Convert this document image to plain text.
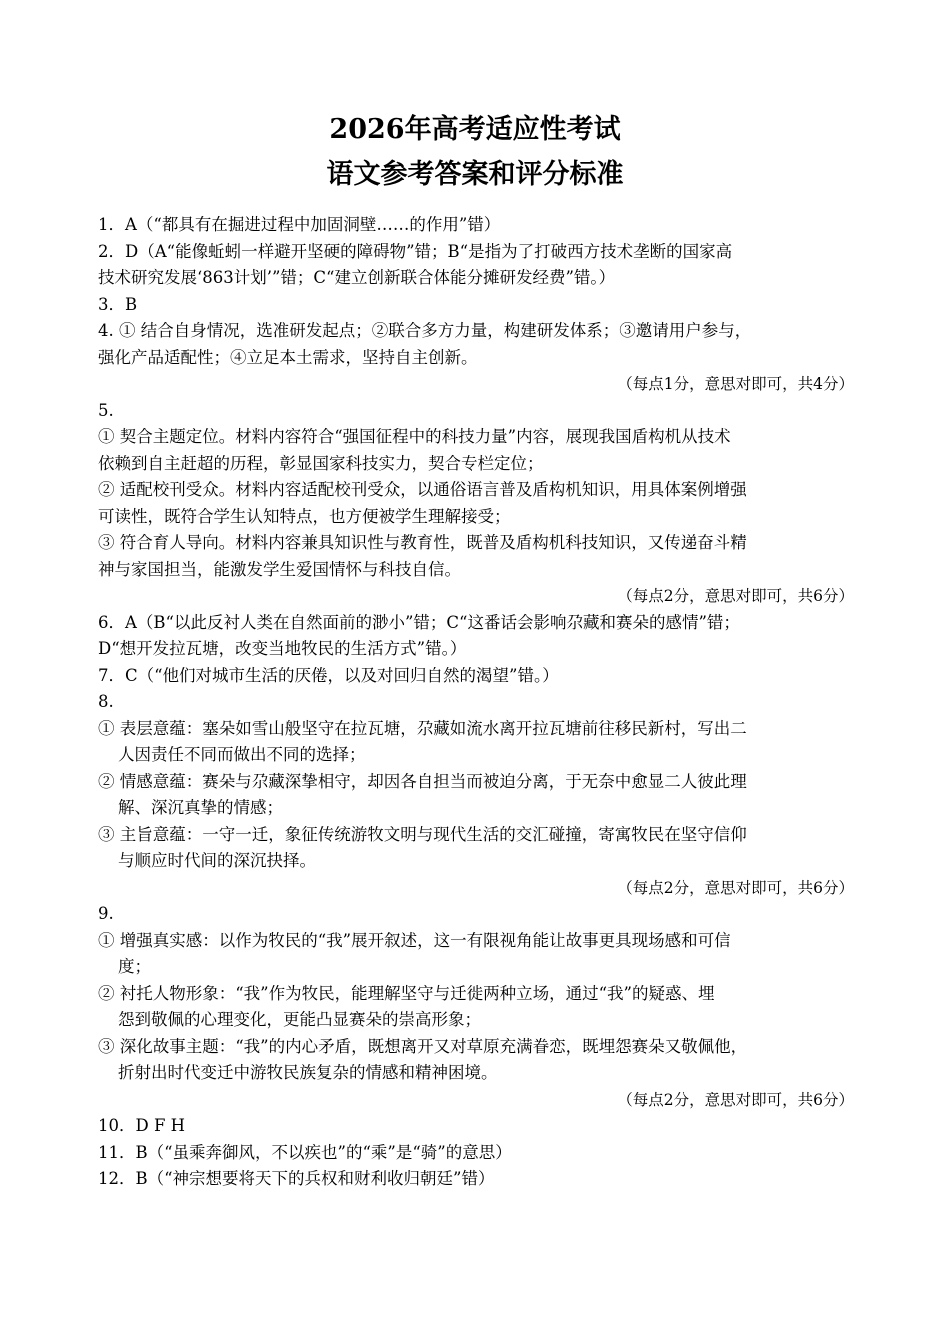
2026年高考适应性考试
语文参考答案和评分标准
1．A（“都具有在掘进过程中加固洞壁……的作用”错）
2．D（A“能像蚯蚓一样避开坚硬的障碍物”错；B“是指为了打破西方技术垄断的国家高
技术研究发展‘863计划’”错；C“建立创新联合体能分摊研发经费”错。）
3．B
4. ① 结合自身情况，选准研发起点；②联合多方力量，构建研发体系；③邀请用户参与，
强化产品适配性；④立足本土需求，坚持自主创新。
（每点1分，意思对即可，共4分）
5.
① 契合主题定位。材料内容符合“强国征程中的科技力量”内容，展现我国盾构机从技术
依赖到自主赶超的历程，彰显国家科技实力，契合专栏定位；
② 适配校刊受众。材料内容适配校刊受众，以通俗语言普及盾构机知识，用具体案例增强
可读性，既符合学生认知特点，也方便被学生理解接受；
③ 符合育人导向。材料内容兼具知识性与教育性，既普及盾构机科技知识，又传递奋斗精
神与家国担当，能激发学生爱国情怀与科技自信。
（每点2分，意思对即可，共6分）
6．A（B“以此反衬人类在自然面前的渺小”错；C“这番话会影响尕藏和赛朵的感情”错；
D“想开发拉瓦塘，改变当地牧民的生活方式”错。）
7．C（“他们对城市生活的厌倦，以及对回归自然的渴望”错。）
8.
① 表层意蕴：塞朵如雪山般坚守在拉瓦塘，尕藏如流水离开拉瓦塘前往移民新村，写出二
人因责任不同而做出不同的选择；
② 情感意蕴：赛朵与尕藏深挚相守，却因各自担当而被迫分离，于无奈中愈显二人彼此理
解、深沉真挚的情感；
③ 主旨意蕴：一守一迁，象征传统游牧文明与现代生活的交汇碰撞，寄寓牧民在坚守信仰
与顺应时代间的深沉抉择。
（每点2分，意思对即可，共6分）
9.
① 增强真实感：以作为牧民的“我”展开叙述，这一有限视角能让故事更具现场感和可信
度；
② 衬托人物形象：“我”作为牧民，能理解坚守与迁徙两种立场，通过“我”的疑惑、埋
怨到敬佩的心理变化，更能凸显赛朵的崇高形象；
③ 深化故事主题：“我”的内心矛盾，既想离开又对草原充满眷恋，既埋怨赛朵又敬佩他，
折射出时代变迁中游牧民族复杂的情感和精神困境。
（每点2分，意思对即可，共6分）
10．D F H
11．B（“虽乘奔御风，不以疾也”的“乘”是“骑”的意思）
12．B（“神宗想要将天下的兵权和财利收归朝廷”错）
